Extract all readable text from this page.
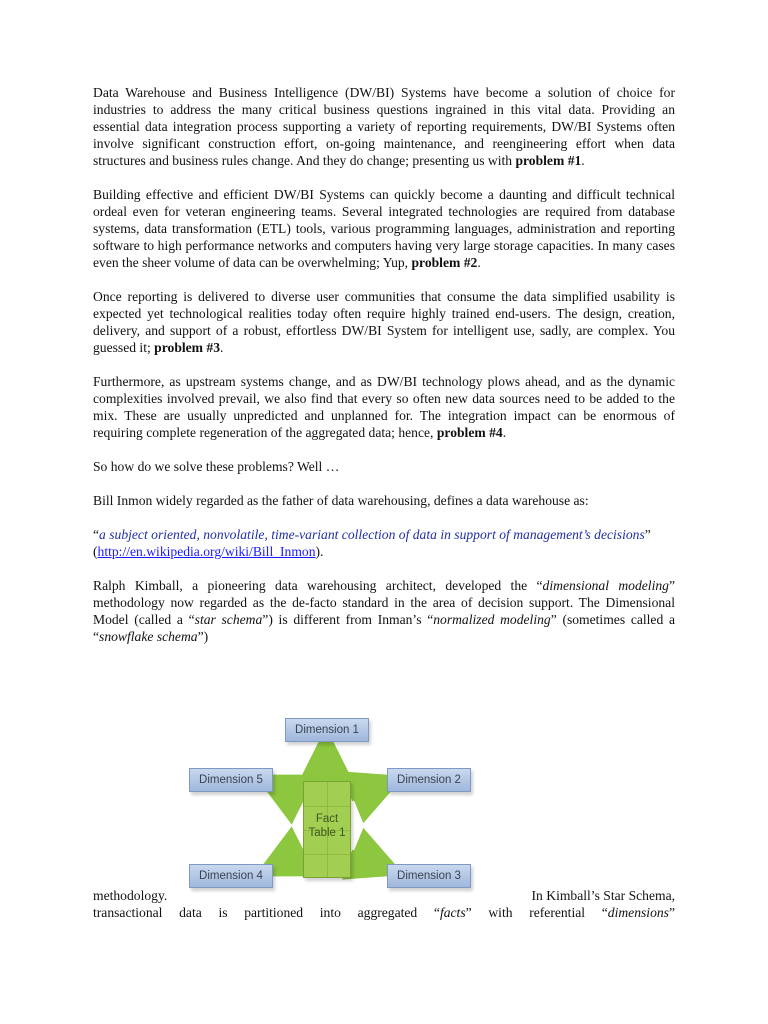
Data Warehouse and Business Intelligence (DW/BI) Systems have become a solution of choice for industries to address the many critical business questions ingrained in this vital data. Providing an essential data integration process supporting a variety of reporting requirements, DW/BI Systems often involve significant construction effort, on-going maintenance, and reengineering effort when data structures and business rules change. And they do change; presenting us with problem #1.

Building effective and efficient DW/BI Systems can quickly become a daunting and difficult technical ordeal even for veteran engineering teams. Several integrated technologies are required from database systems, data transformation (ETL) tools, various programming languages, administration and reporting software to high performance networks and computers having very large storage capacities. In many cases even the sheer volume of data can be overwhelming; Yup, problem #2.

Once reporting is delivered to diverse user communities that consume the data simplified usability is expected yet technological realities today often require highly trained end-users. The design, creation, delivery, and support of a robust, effortless DW/BI System for intelligent use, sadly, are complex. You guessed it; problem #3.

Furthermore, as upstream systems change, and as DW/BI technology plows ahead, and as the dynamic complexities involved prevail, we also find that every so often new data sources need to be added to the mix. These are usually unpredicted and unplanned for. The integration impact can be enormous of requiring complete regeneration of the aggregated data; hence, problem #4.

So how do we solve these problems? Well …

Bill Inmon widely regarded as the father of data warehousing, defines a data warehouse as:

“a subject oriented, nonvolatile, time-variant collection of data in support of management’s decisions” (http://en.wikipedia.org/wiki/Bill_Inmon).

Ralph Kimball, a pioneering data warehousing architect, developed the “dimensional modeling” methodology now regarded as the de-facto standard in the area of decision support. The Dimensional Model (called a “star schema”) is different from Inman’s “normalized modeling” (sometimes called a “snowflake schema”)

Dimension 1
Dimension 2
Dimension 3
Dimension 4
Dimension 5
Fact
Table 1
methodology.	In Kimball’s Star Schema,

transactional data is partitioned into aggregated “facts” with referential “dimensions”
